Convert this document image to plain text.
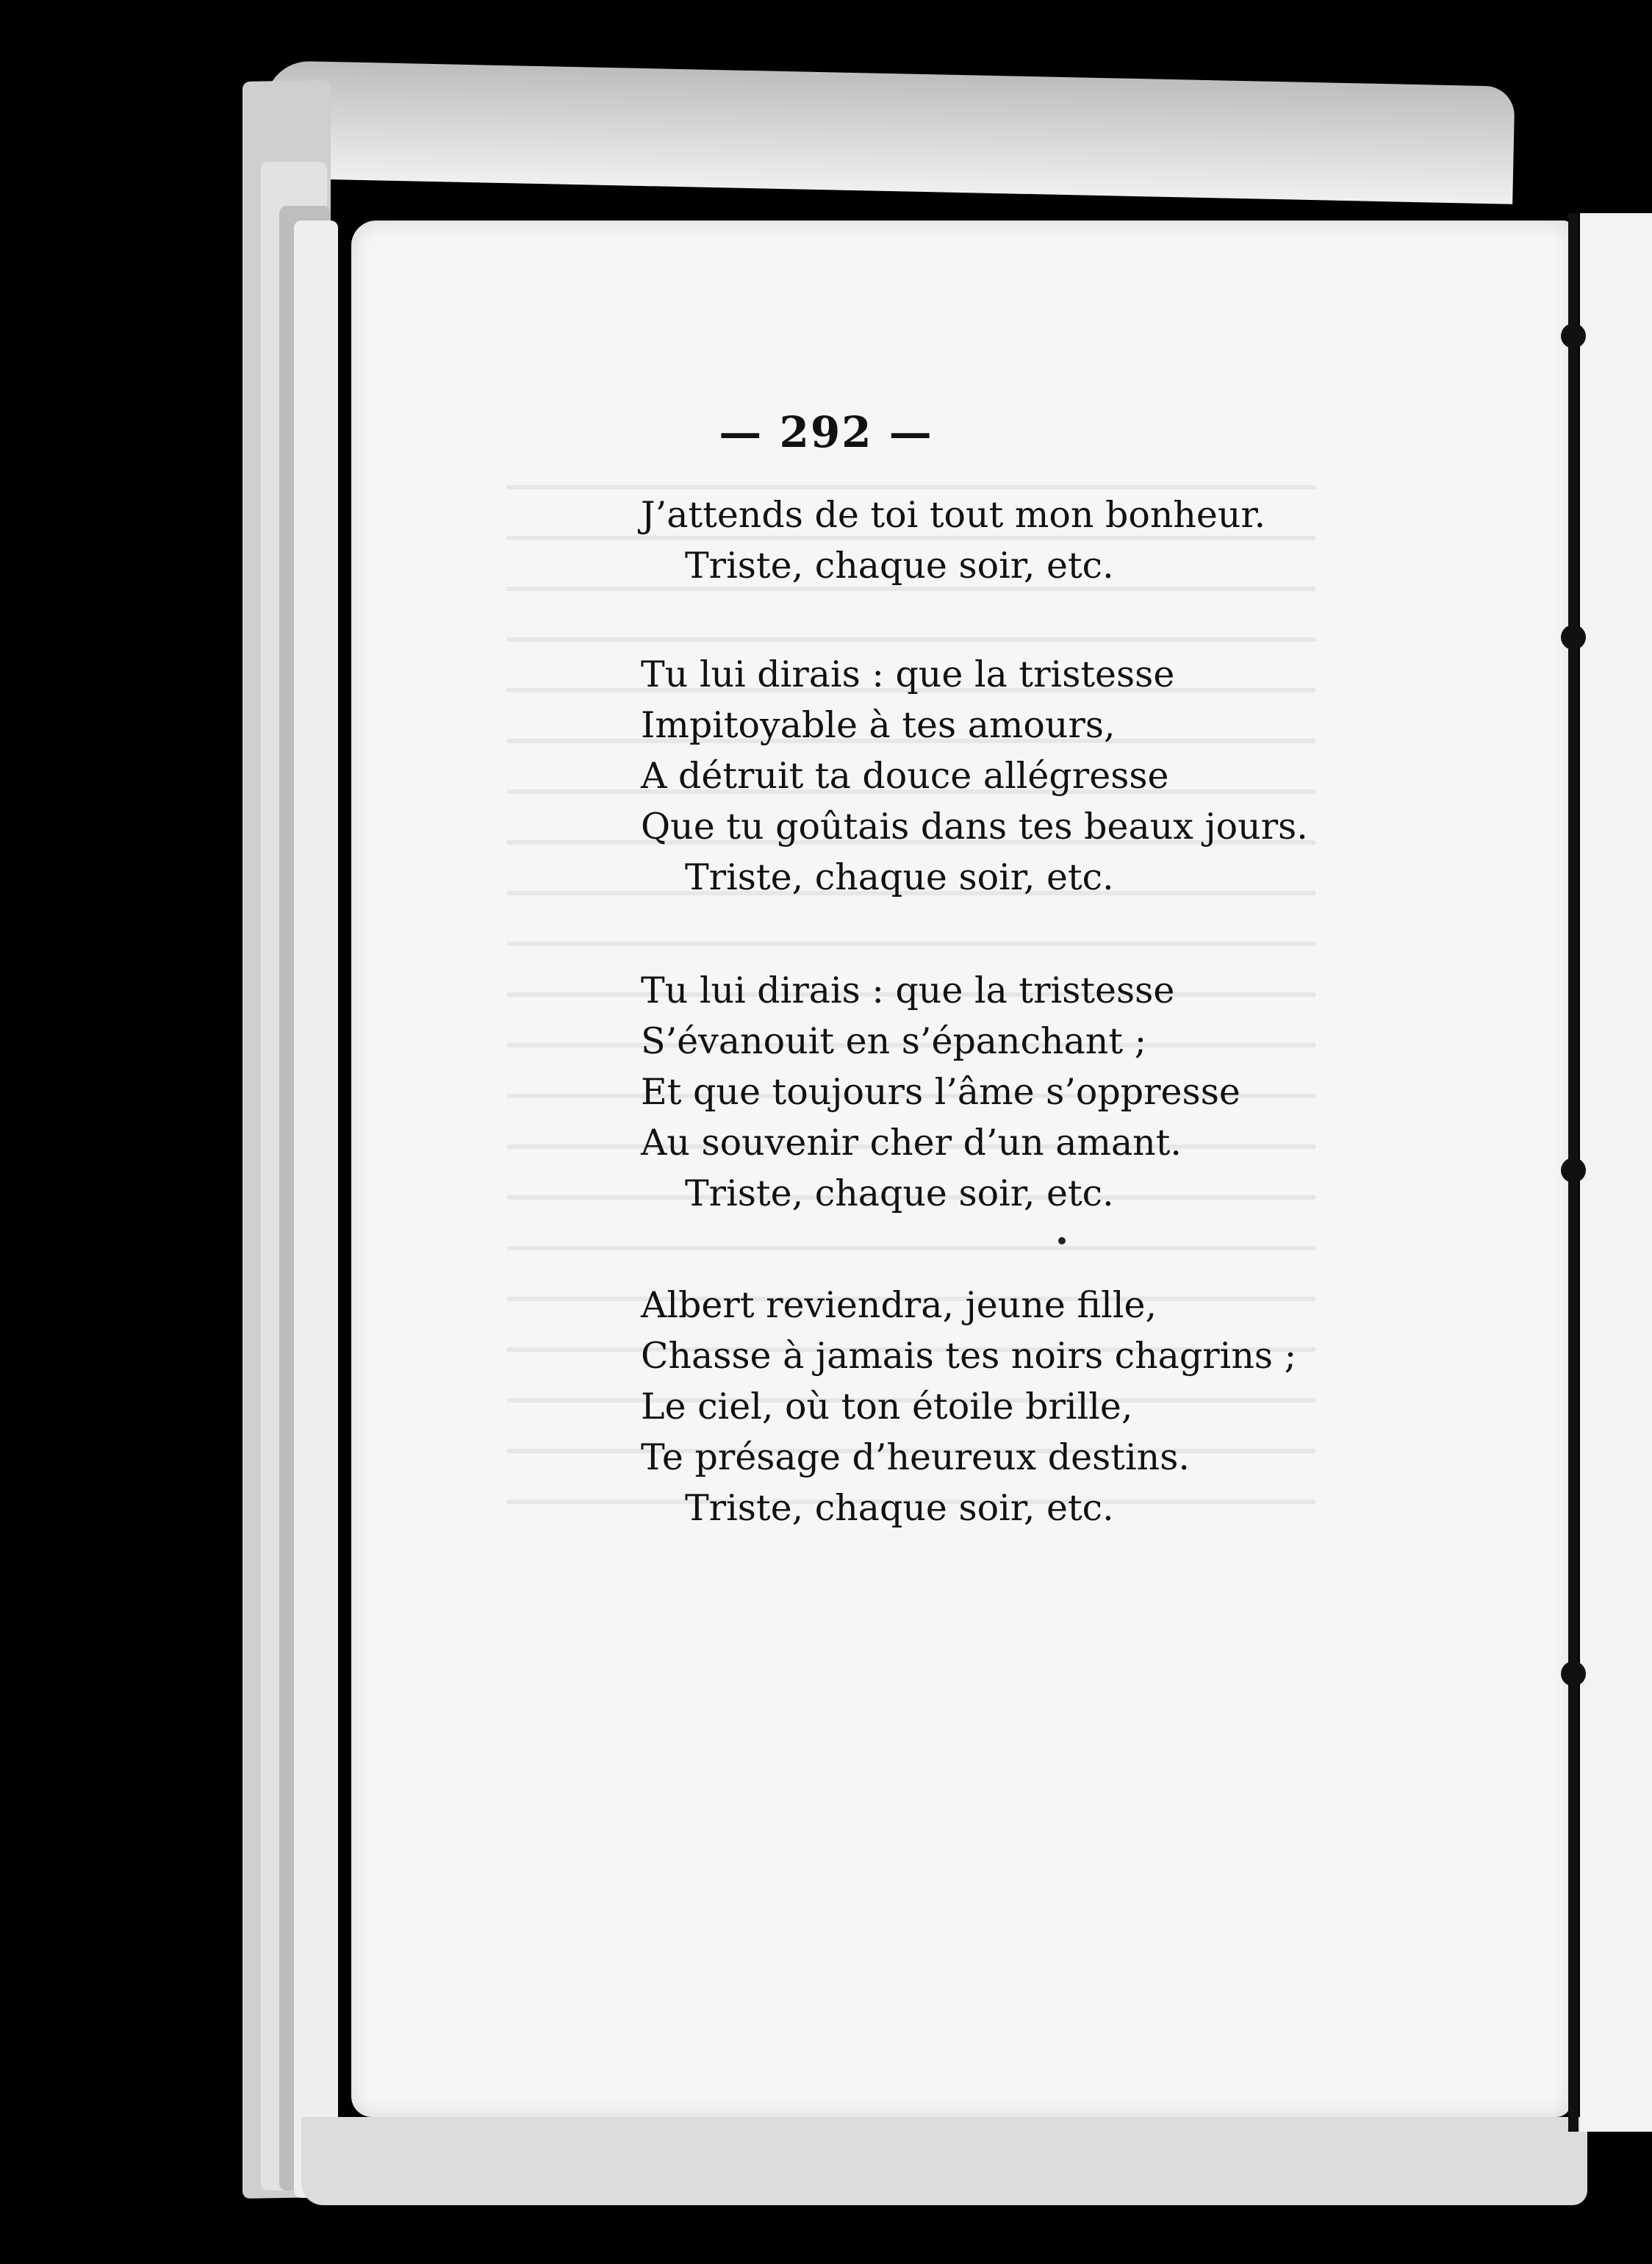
— 292 —
J’attends de toi tout mon bonheur.
Triste, chaque soir, etc.
Tu lui dirais : que la tristesse
Impitoyable à tes amours,
A détruit ta douce allégresse
Que tu goûtais dans tes beaux jours.
Triste, chaque soir, etc.
Tu lui dirais : que la tristesse
S’évanouit en s’épanchant ;
Et que toujours l’âme s’oppresse
Au souvenir cher d’un amant.
Triste, chaque soir, etc.
Albert reviendra, jeune fille,
Chasse à jamais tes noirs chagrins ;
Le ciel, où ton étoile brille,
Te présage d’heureux destins.
Triste, chaque soir, etc.
